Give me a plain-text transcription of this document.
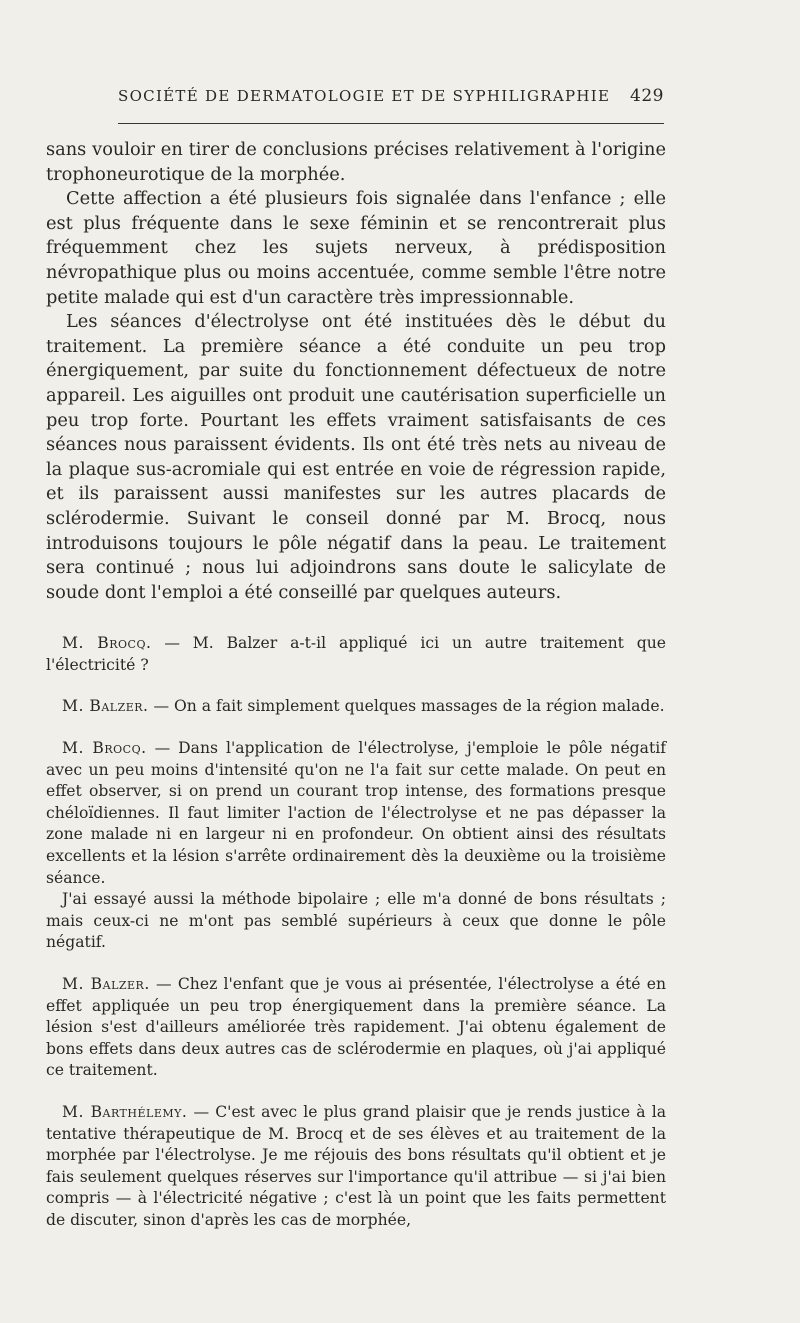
SOCIÉTÉ DE DERMATOLOGIE ET DE SYPHILIGRAPHIE 429

sans vouloir en tirer de conclusions précises relativement à l'origine trophoneurotique de la morphée.

Cette affection a été plusieurs fois signalée dans l'enfance ; elle est plus fréquente dans le sexe féminin et se rencontrerait plus fréquemment chez les sujets nerveux, à prédisposition névropathique plus ou moins accentuée, comme semble l'être notre petite malade qui est d'un caractère très impressionnable.

Les séances d'électrolyse ont été instituées dès le début du traitement. La première séance a été conduite un peu trop énergiquement, par suite du fonctionnement défectueux de notre appareil. Les aiguilles ont produit une cautérisation superficielle un peu trop forte. Pourtant les effets vraiment satisfaisants de ces séances nous paraissent évidents. Ils ont été très nets au niveau de la plaque sus-acromiale qui est entrée en voie de régression rapide, et ils paraissent aussi manifestes sur les autres placards de sclérodermie. Suivant le conseil donné par M. Brocq, nous introduisons toujours le pôle négatif dans la peau. Le traitement sera continué ; nous lui adjoindrons sans doute le salicylate de soude dont l'emploi a été conseillé par quelques auteurs.

M. Brocq. — M. Balzer a-t-il appliqué ici un autre traitement que l'électricité ?

M. Balzer. — On a fait simplement quelques massages de la région malade.

M. Brocq. — Dans l'application de l'électrolyse, j'emploie le pôle négatif avec un peu moins d'intensité qu'on ne l'a fait sur cette malade. On peut en effet observer, si on prend un courant trop intense, des formations presque chéloïdiennes. Il faut limiter l'action de l'électrolyse et ne pas dépasser la zone malade ni en largeur ni en profondeur. On obtient ainsi des résultats excellents et la lésion s'arrête ordinairement dès la deuxième ou la troisième séance.

J'ai essayé aussi la méthode bipolaire ; elle m'a donné de bons résultats ; mais ceux-ci ne m'ont pas semblé supérieurs à ceux que donne le pôle négatif.

M. Balzer. — Chez l'enfant que je vous ai présentée, l'électrolyse a été en effet appliquée un peu trop énergiquement dans la première séance. La lésion s'est d'ailleurs améliorée très rapidement. J'ai obtenu également de bons effets dans deux autres cas de sclérodermie en plaques, où j'ai appliqué ce traitement.

M. Barthélemy. — C'est avec le plus grand plaisir que je rends justice à la tentative thérapeutique de M. Brocq et de ses élèves et au traitement de la morphée par l'électrolyse. Je me réjouis des bons résultats qu'il obtient et je fais seulement quelques réserves sur l'importance qu'il attribue — si j'ai bien compris — à l'électricité négative ; c'est là un point que les faits permettent de discuter, sinon d'après les cas de morphée,
